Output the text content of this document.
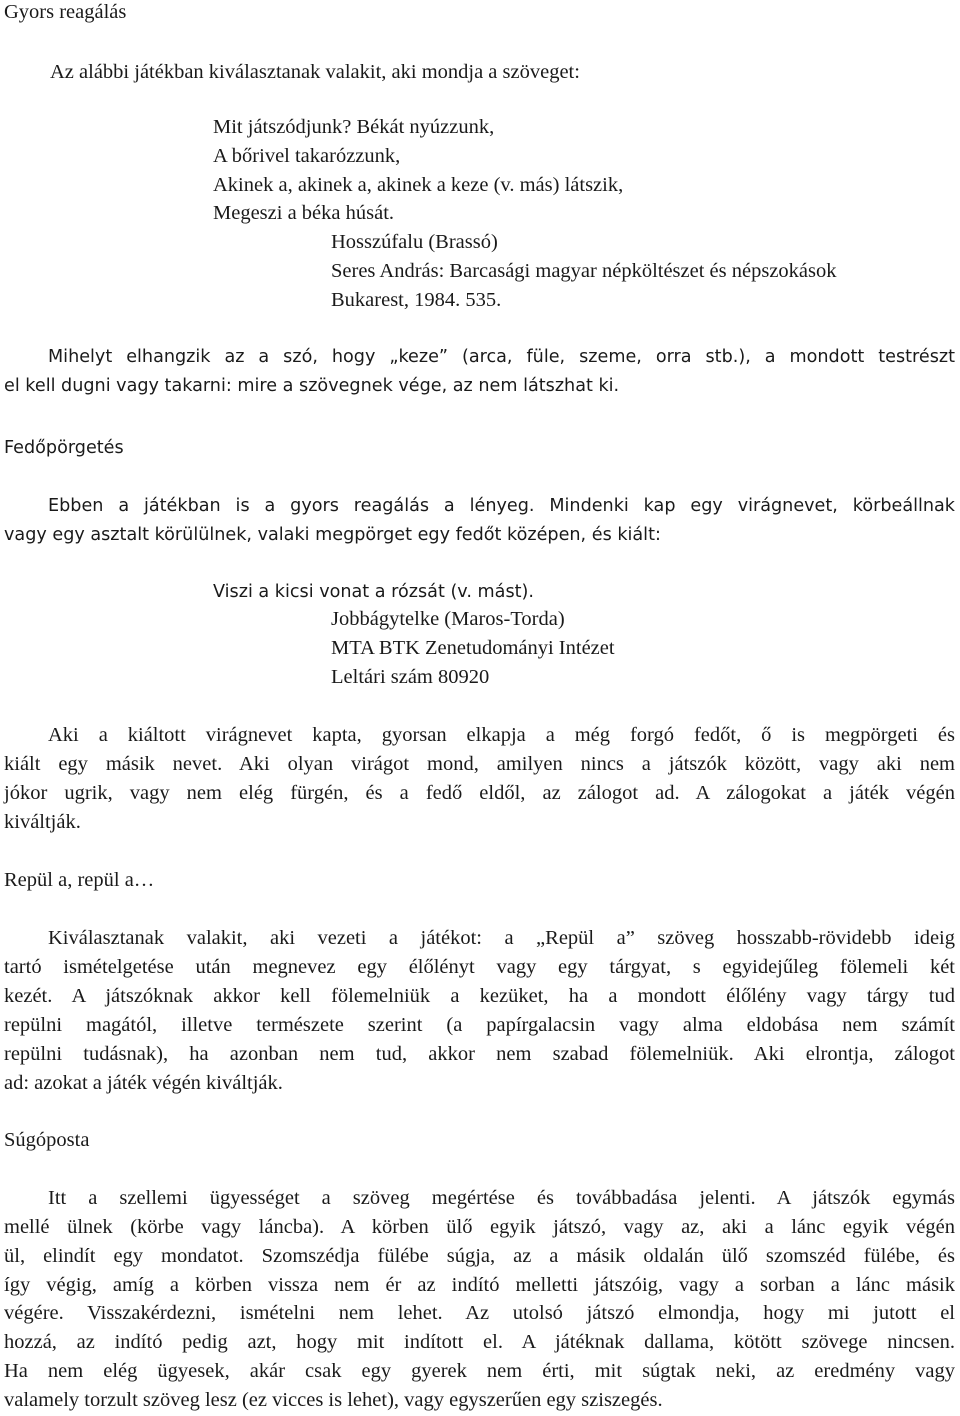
Gyors reagálás
Az alábbi játékban kiválasztanak valakit, aki mondja a szöveget:
Mit játszódjunk? Békát nyúzzunk,
A bőrivel takarózzunk,
Akinek a, akinek a, akinek a keze (v. más) látszik,
Megeszi a béka húsát.
Hosszúfalu (Brassó)
Seres András: Barcasági magyar népköltészet és népszokások
Bukarest, 1984. 535.
Mihelyt elhangzik az a szó, hogy „keze” (arca, füle, szeme, orra stb.), a mondott testrészt
el kell dugni vagy takarni: mire a szövegnek vége, az nem látszhat ki.
Fedőpörgetés
Ebben a játékban is a gyors reagálás a lényeg. Mindenki kap egy virágnevet, körbeállnak
vagy egy asztalt körülülnek, valaki megpörget egy fedőt középen, és kiált:
Viszi a kicsi vonat a rózsát (v. mást).
Jobbágytelke (Maros-Torda)
MTA BTK Zenetudományi Intézet
Leltári szám 80920
Aki a kiáltott virágnevet kapta, gyorsan elkapja a még forgó fedőt, ő is megpörgeti és
kiált egy másik nevet. Aki olyan virágot mond, amilyen nincs a játszók között, vagy aki nem
jókor ugrik, vagy nem elég fürgén, és a fedő eldől, az zálogot ad. A zálogokat a játék végén
kiváltják.
Repül a, repül a…
Kiválasztanak valakit, aki vezeti a játékot: a „Repül a” szöveg hosszabb-rövidebb ideig
tartó ismételgetése után megnevez egy élőlényt vagy egy tárgyat, s egyidejűleg fölemeli két
kezét. A játszóknak akkor kell fölemelniük a kezüket, ha a mondott élőlény vagy tárgy tud
repülni magától, illetve természete szerint (a papírgalacsin vagy alma eldobása nem számít
repülni tudásnak), ha azonban nem tud, akkor nem szabad fölemelniük. Aki elrontja, zálogot
ad: azokat a játék végén kiváltják.
Súgóposta
Itt a szellemi ügyességet a szöveg megértése és továbbadása jelenti. A játszók egymás
mellé ülnek (körbe vagy láncba). A körben ülő egyik játszó, vagy az, aki a lánc egyik végén
ül, elindít egy mondatot. Szomszédja fülébe súgja, az a másik oldalán ülő szomszéd fülébe, és
így végig, amíg a körben vissza nem ér az indító melletti játszóig, vagy a sorban a lánc másik
végére. Visszakérdezni, ismételni nem lehet. Az utolsó játszó elmondja, hogy mi jutott el
hozzá, az indító pedig azt, hogy mit indított el. A játéknak dallama, kötött szövege nincsen.
Ha nem elég ügyesek, akár csak egy gyerek nem érti, mit súgtak neki, az eredmény vagy
valamely torzult szöveg lesz (ez vicces is lehet), vagy egyszerűen egy sziszegés.
